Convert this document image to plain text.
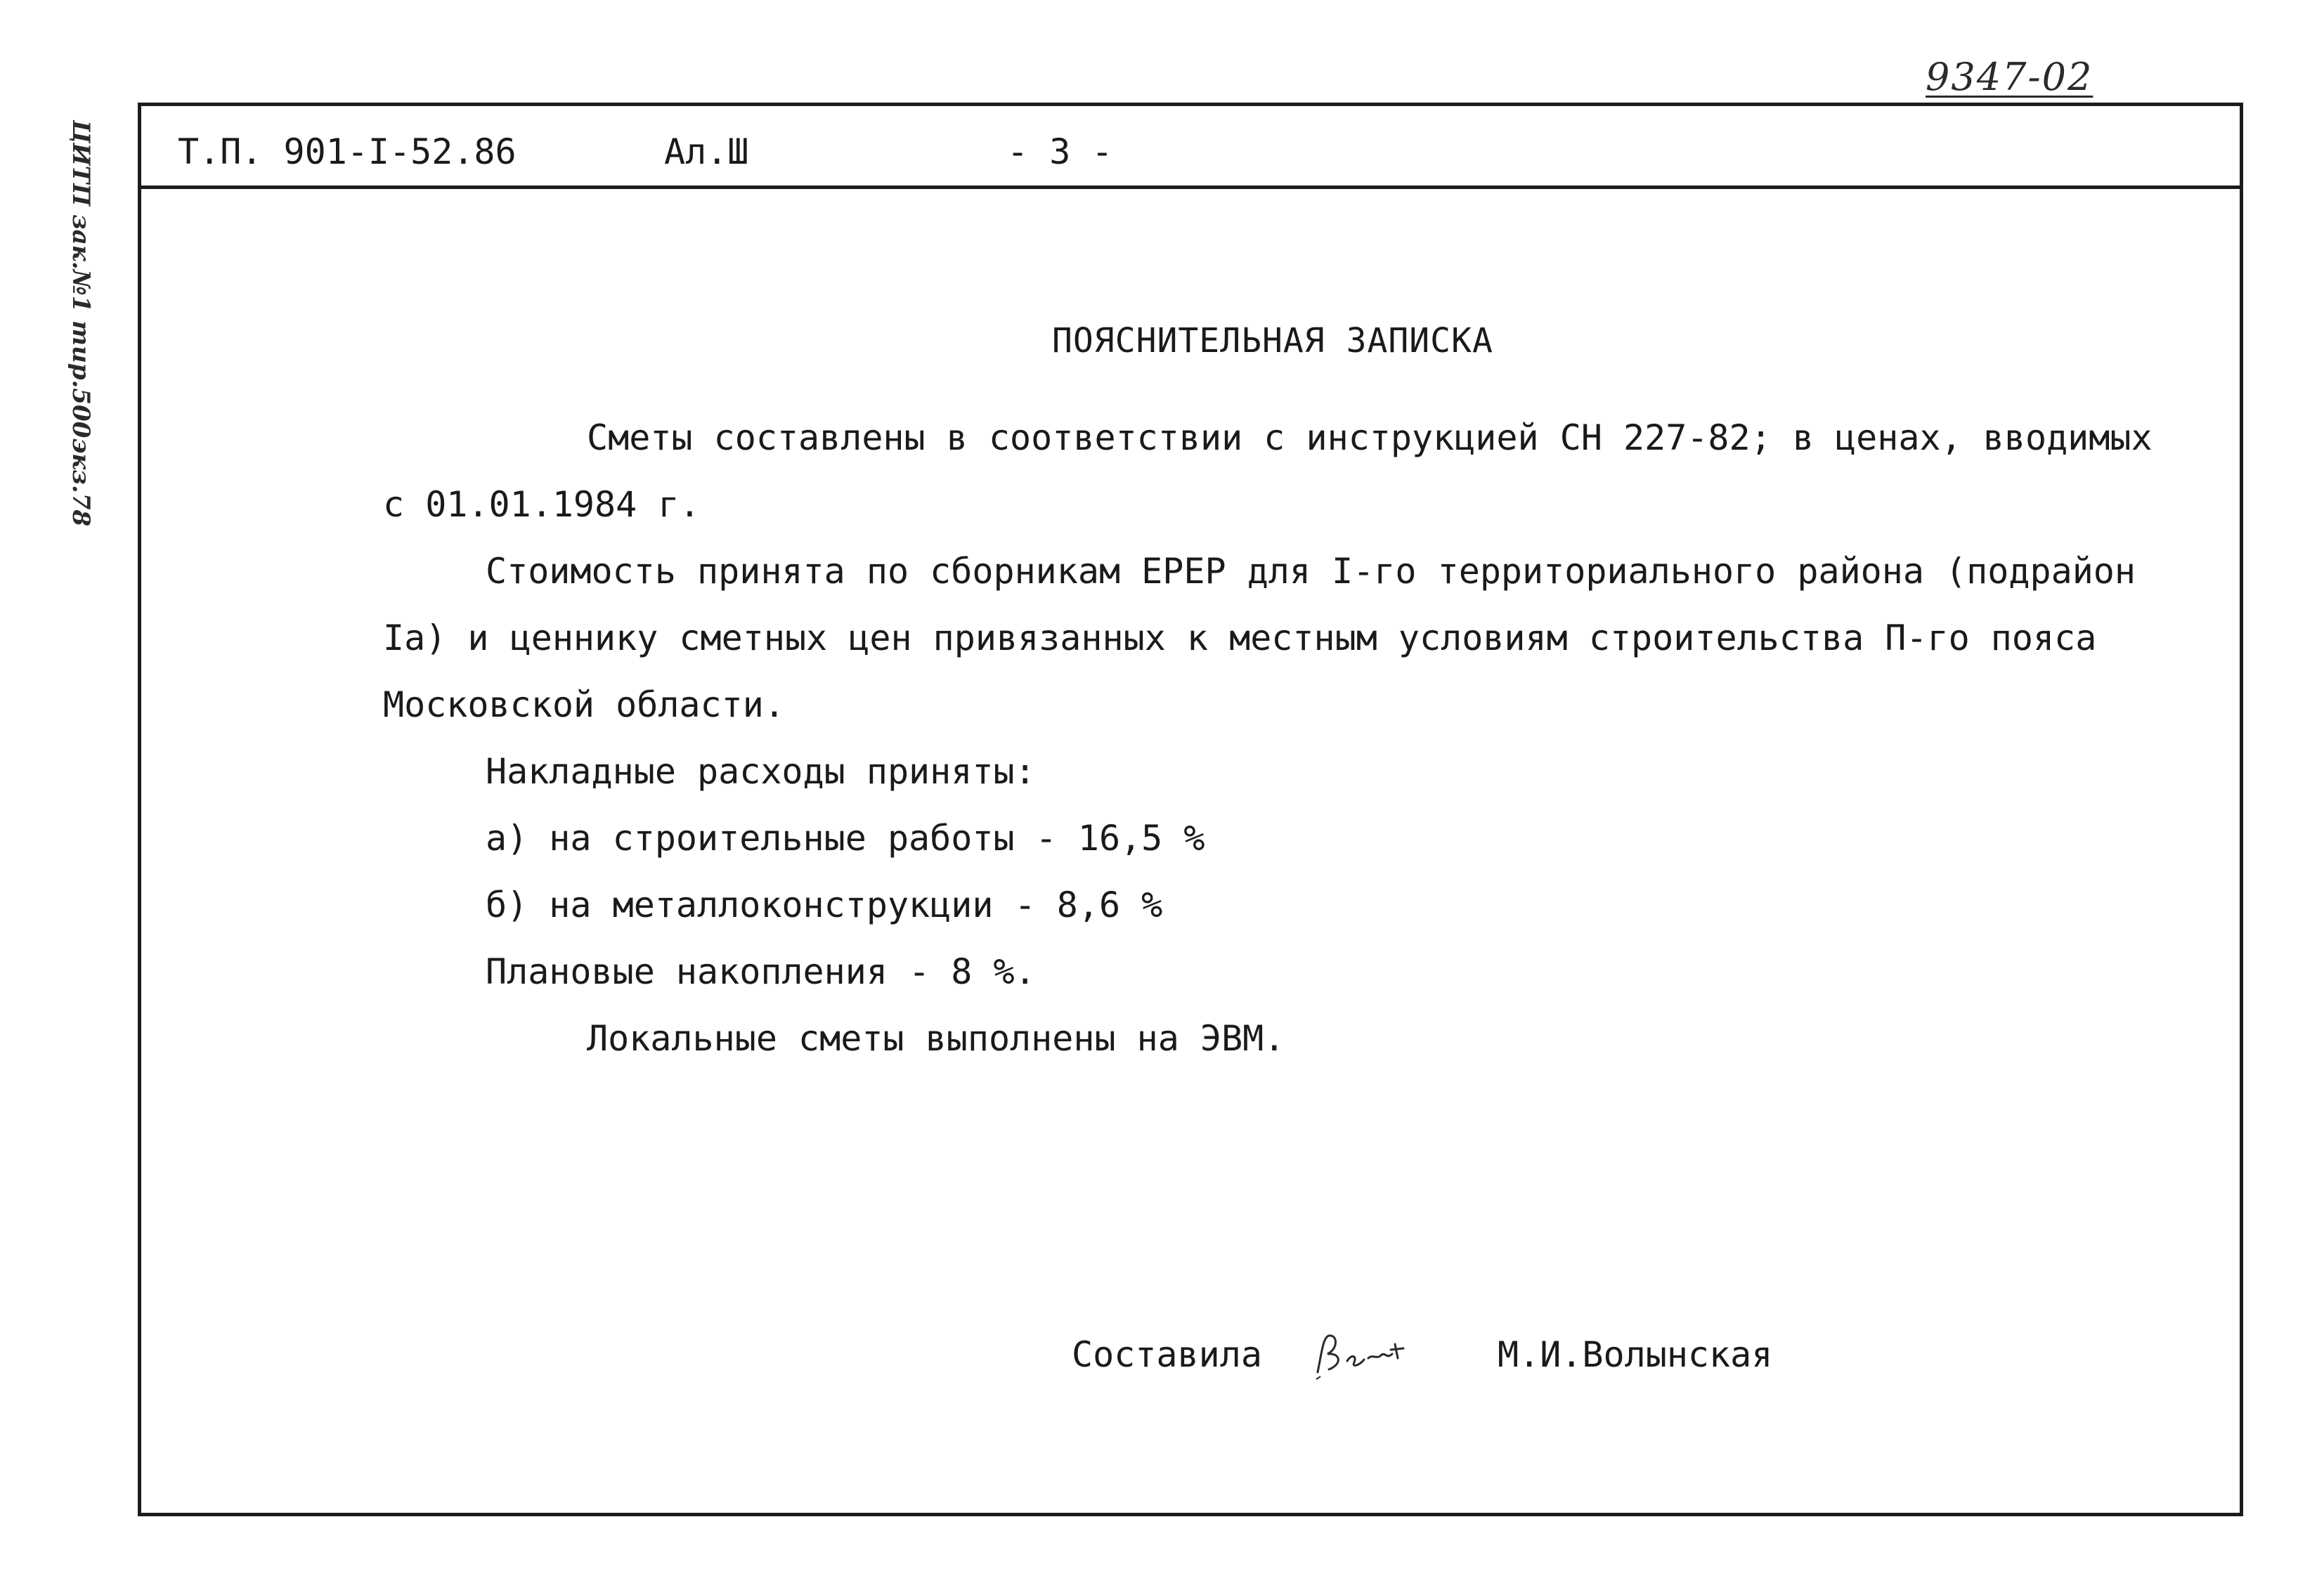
9347-02
ЦИТП зак.№1 тир.500экз.78 Т.П. 901-I-52.86	Ал.Ш	- 3 -
ПОЯСНИТЕЛЬНАЯ ЗАПИСКА
Сметы составлены в соответствии с инструкцией СН 227-82; в ценах, вводимых
с 01.01.1984 г.
Стоимость принята по сборникам ЕРЕР для I-го территориального района (подрайон
Iа) и ценнику сметных цен привязанных к местным условиям строительства П-го пояса
Московской области.
Накладные расходы приняты:
а) на строительные работы - 16,5 %
б) на металлоконструкции - 8,6 %
Плановые накопления - 8 %.
Локальные сметы выполнены на ЭВМ.
Составила	М.И.Волынская
